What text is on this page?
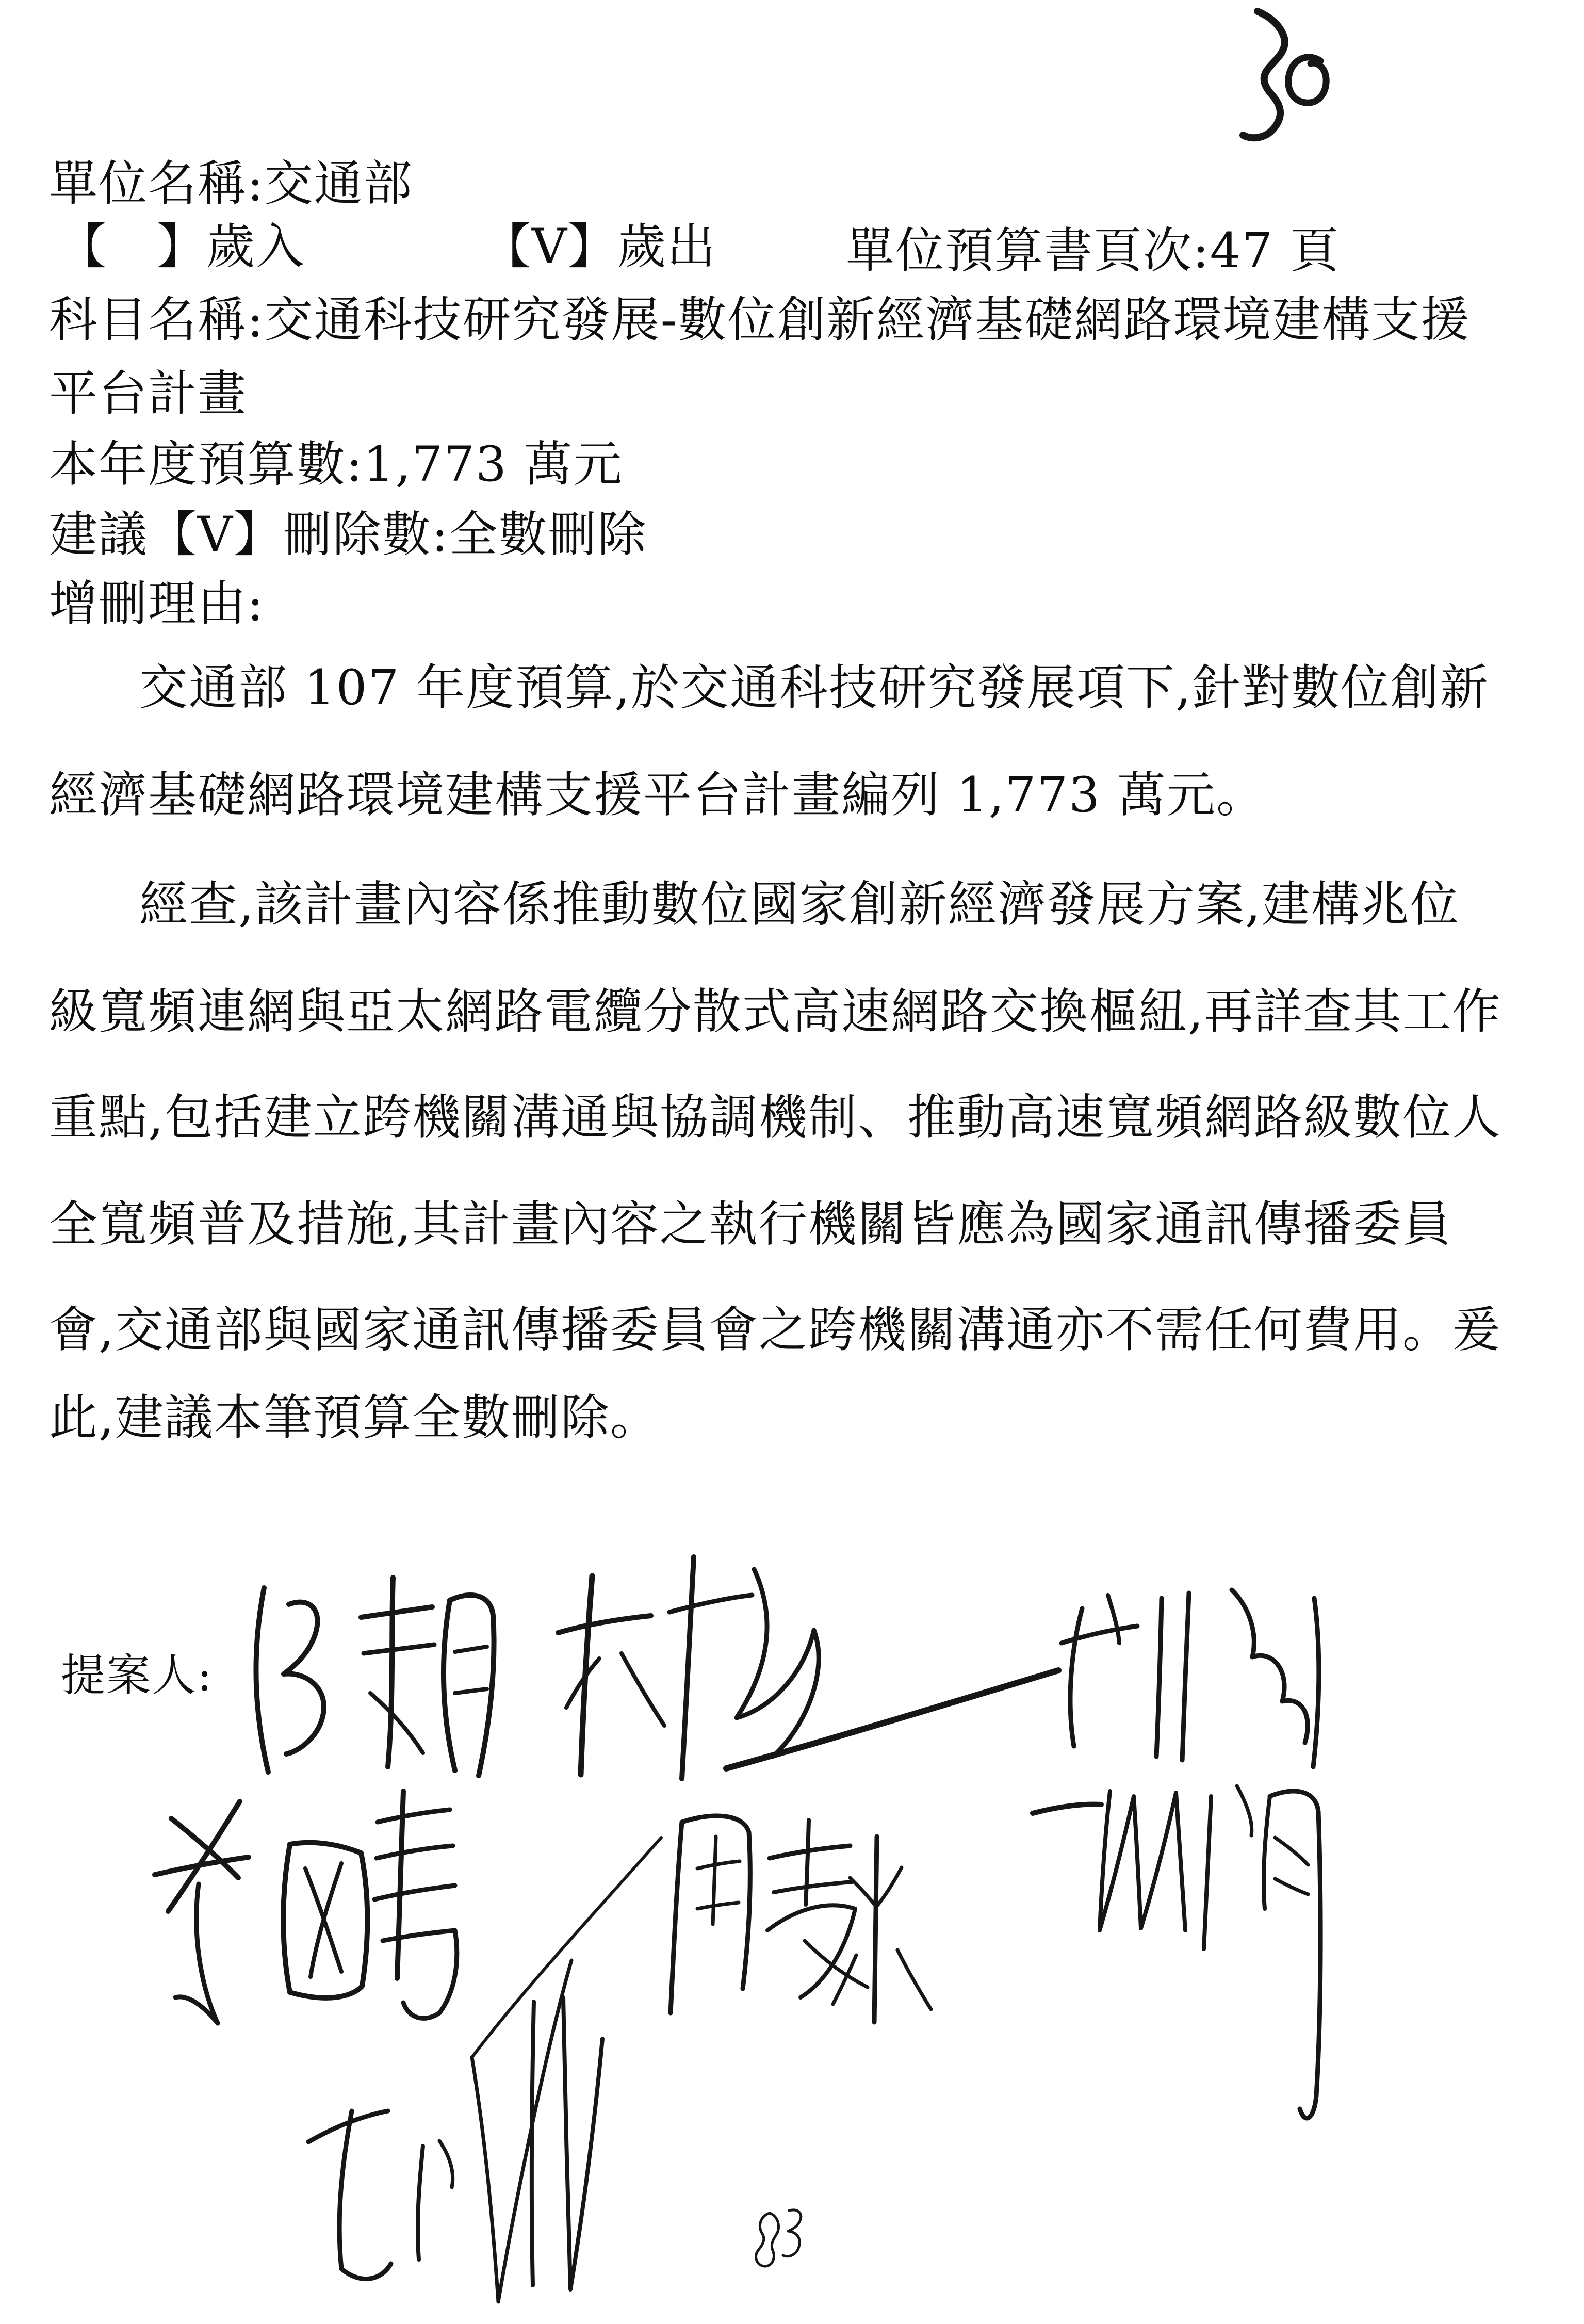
單位名稱:交通部
【　】歲入	【V】歲出	單位預算書頁次:47 頁
科目名稱:交通科技研究發展-數位創新經濟基礎網路環境建構支援
平台計畫
本年度預算數:1,773 萬元
建議【V】刪除數:全數刪除
增刪理由:
交通部 107 年度預算,於交通科技研究發展項下,針對數位創新
經濟基礎網路環境建構支援平台計畫編列 1,773 萬元。
經查,該計畫內容係推動數位國家創新經濟發展方案,建構兆位
級寬頻連網與亞太網路電纜分散式高速網路交換樞紐,再詳查其工作
重點,包括建立跨機關溝通與協調機制、推動高速寬頻網路級數位人
全寬頻普及措施,其計畫內容之執行機關皆應為國家通訊傳播委員
會,交通部與國家通訊傳播委員會之跨機關溝通亦不需任何費用。爰
此,建議本筆預算全數刪除。
提案人:
